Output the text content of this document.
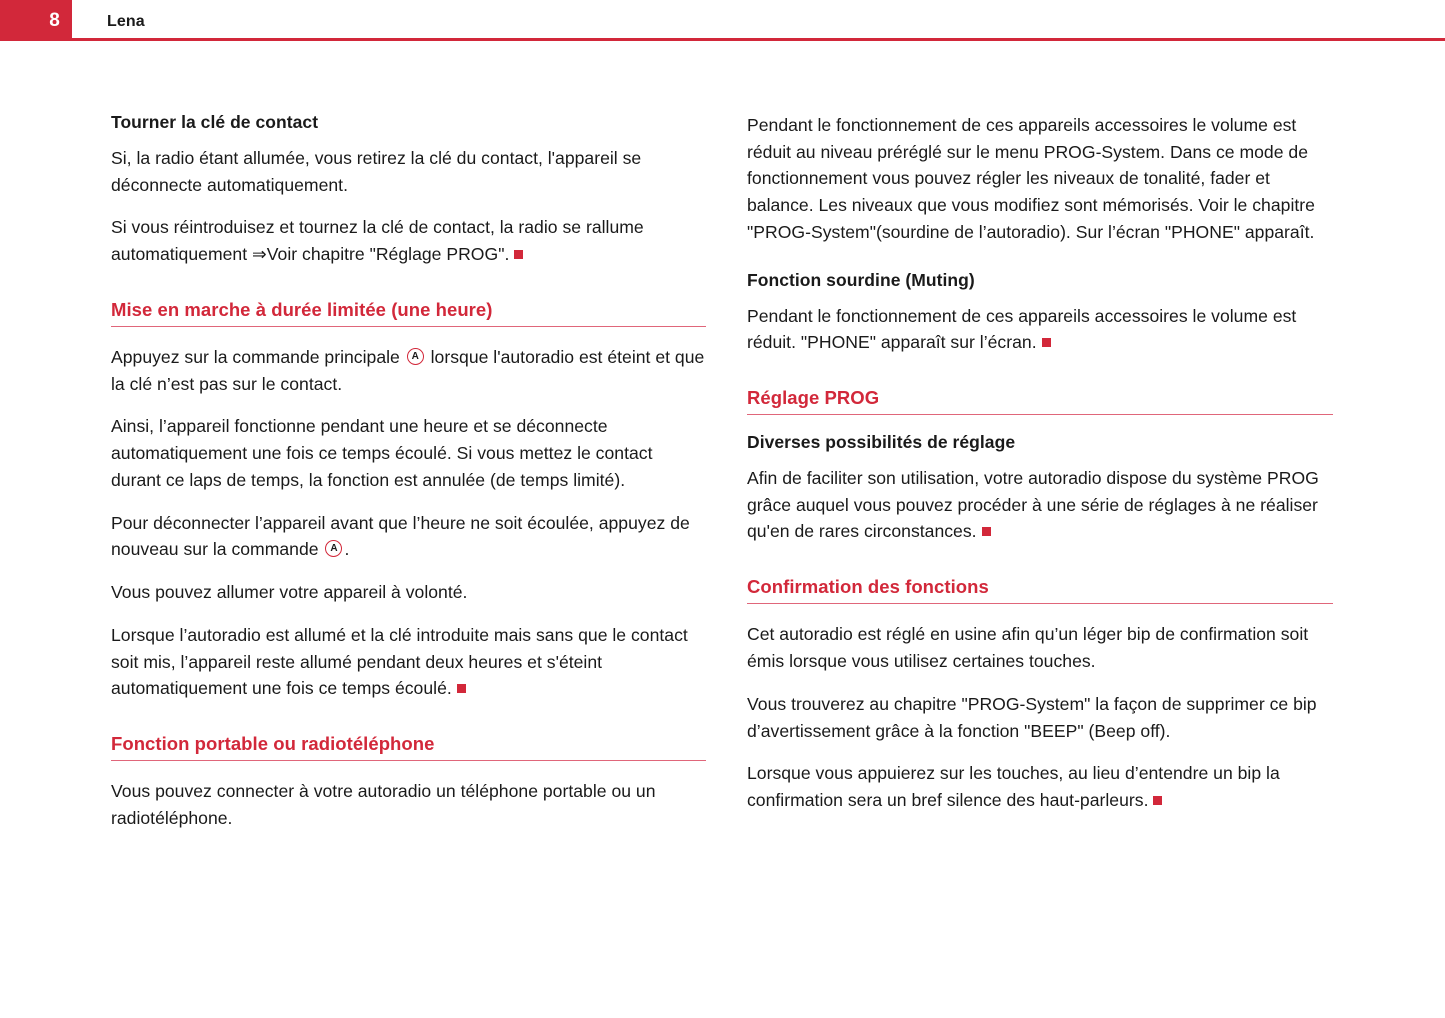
8	Lena
Tourner la clé de contact

Si, la radio étant allumée, vous retirez la clé du contact, l'appareil se déconnecte automatiquement.

Si vous réintroduisez et tournez la clé de contact, la radio se rallume automatiquement ⇒Voir chapitre "Réglage PROG".

Mise en marche à durée limitée (une heure)

Appuyez sur la commande principale A lorsque l'autoradio est éteint et que la clé n’est pas sur le contact.

Ainsi, l’appareil fonctionne pendant une heure et se déconnecte automatiquement une fois ce temps écoulé. Si vous mettez le contact durant ce laps de temps, la fonction est annulée (de temps limité).

Pour déconnecter l’appareil avant que l’heure ne soit écoulée, appuyez de nouveau sur la commande A .

Vous pouvez allumer votre appareil à volonté.

Lorsque l’autoradio est allumé et la clé introduite mais sans que le contact soit mis, l’appareil reste allumé pendant deux heures et s'éteint automatiquement une fois ce temps écoulé.

Fonction portable ou radiotéléphone

Vous pouvez connecter à votre autoradio un téléphone portable ou un radiotéléphone.

Pendant le fonctionnement de ces appareils accessoires le volume est réduit au niveau préréglé sur le menu PROG-System. Dans ce mode de fonctionnement vous pouvez régler les niveaux de tonalité, fader et balance. Les niveaux que vous modifiez sont mémorisés. Voir le chapitre "PROG-System"(sourdine de l’autoradio). Sur l’écran "PHONE" apparaît.

Fonction sourdine (Muting)

Pendant le fonctionnement de ces appareils accessoires le volume est réduit. "PHONE" apparaît sur l’écran.

Réglage PROG
Diverses possibilités de réglage

Afin de faciliter son utilisation, votre autoradio dispose du système PROG grâce auquel vous pouvez procéder à une série de réglages à ne réaliser qu'en de rares circonstances.

Confirmation des fonctions

Cet autoradio est réglé en usine afin qu’un léger bip de confirmation soit émis lorsque vous utilisez certaines touches.

Vous trouverez au chapitre "PROG-System" la façon de supprimer ce bip d’avertissement grâce à la fonction "BEEP" (Beep off).

Lorsque vous appuierez sur les touches, au lieu d’entendre un bip la confirmation sera un bref silence des haut-parleurs.
